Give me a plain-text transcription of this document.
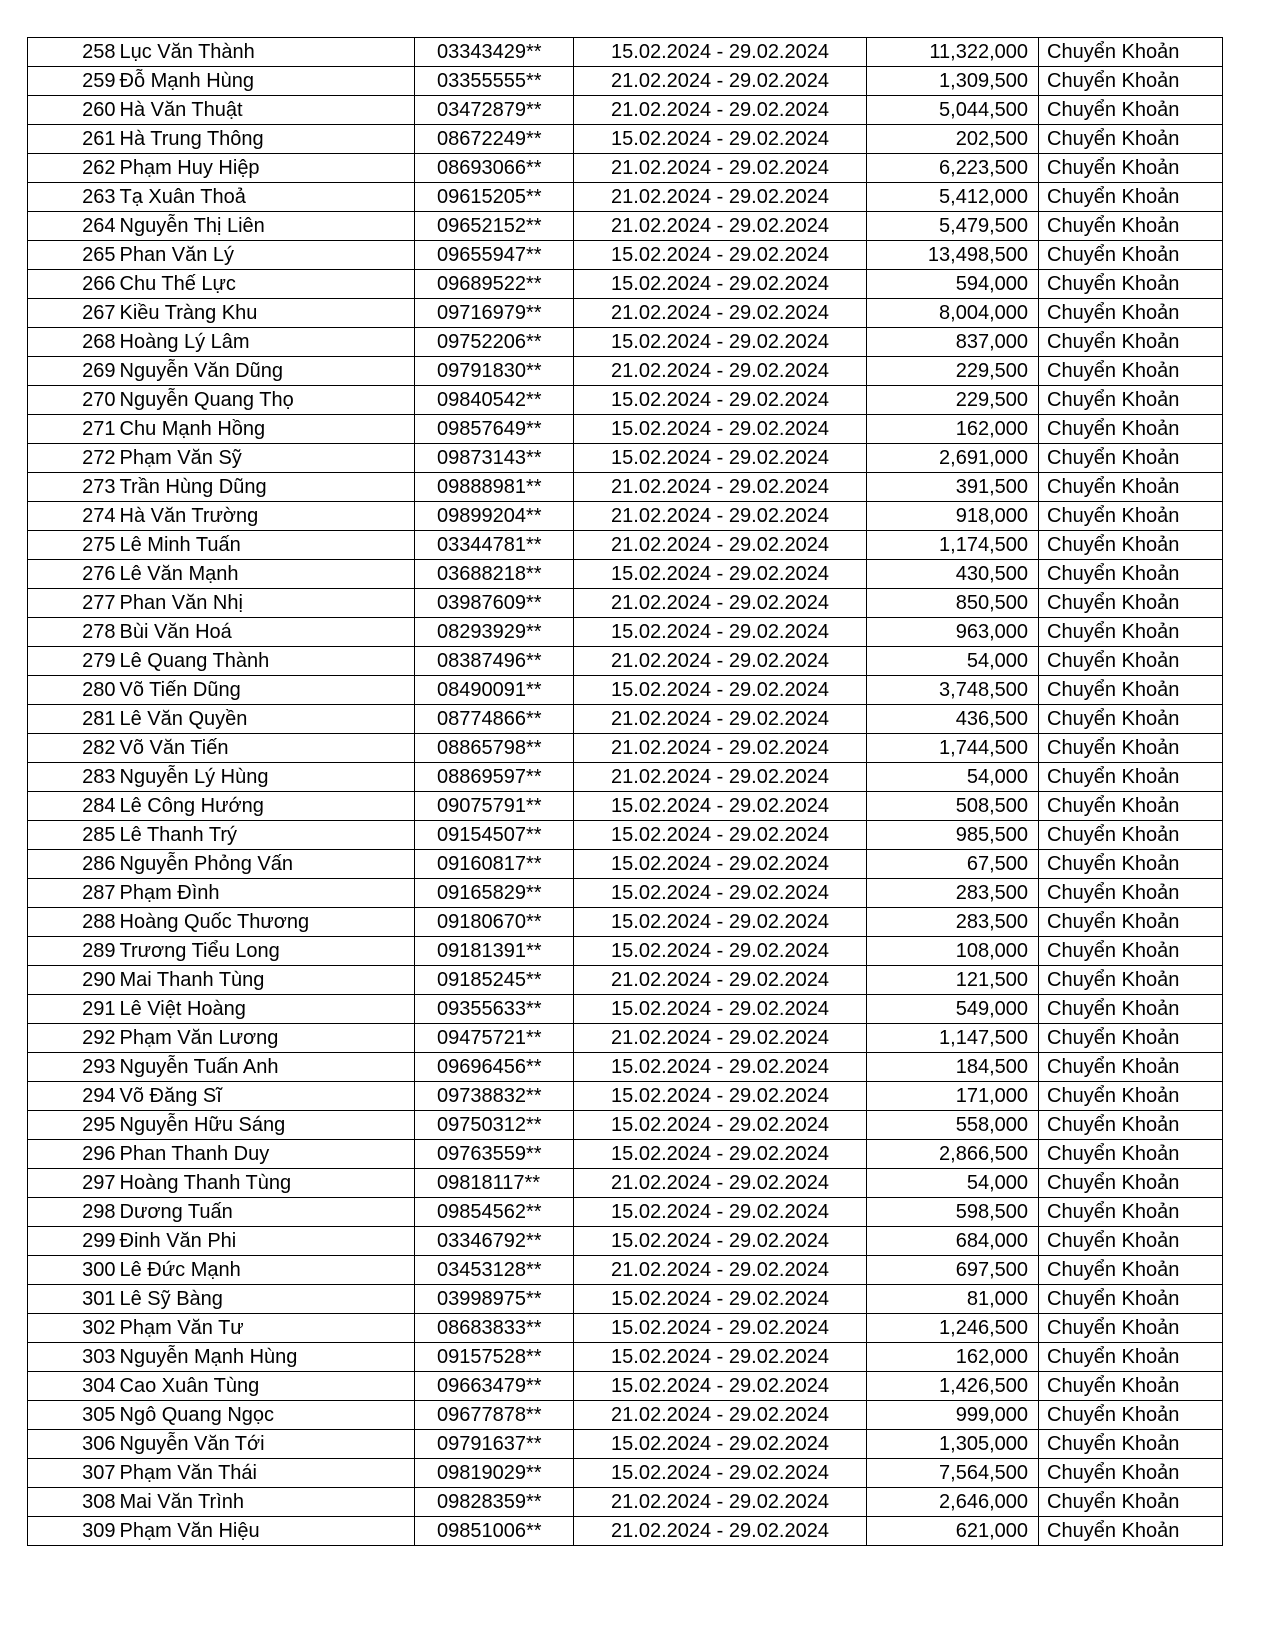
258	Lục Văn Thành	03343429**	15.02.2024 - 29.02.2024	11,322,000	Chuyển Khoản
259	Đỗ Mạnh Hùng	03355555**	21.02.2024 - 29.02.2024	1,309,500	Chuyển Khoản
260	Hà Văn Thuật	03472879**	21.02.2024 - 29.02.2024	5,044,500	Chuyển Khoản
261	Hà Trung Thông	08672249**	15.02.2024 - 29.02.2024	202,500	Chuyển Khoản
262	Phạm Huy Hiệp	08693066**	21.02.2024 - 29.02.2024	6,223,500	Chuyển Khoản
263	Tạ Xuân Thoả	09615205**	21.02.2024 - 29.02.2024	5,412,000	Chuyển Khoản
264	Nguyễn Thị Liên	09652152**	21.02.2024 - 29.02.2024	5,479,500	Chuyển Khoản
265	Phan Văn Lý	09655947**	15.02.2024 - 29.02.2024	13,498,500	Chuyển Khoản
266	Chu Thế Lực	09689522**	15.02.2024 - 29.02.2024	594,000	Chuyển Khoản
267	Kiều Tràng Khu	09716979**	21.02.2024 - 29.02.2024	8,004,000	Chuyển Khoản
268	Hoàng Lý Lâm	09752206**	15.02.2024 - 29.02.2024	837,000	Chuyển Khoản
269	Nguyễn Văn Dũng	09791830**	21.02.2024 - 29.02.2024	229,500	Chuyển Khoản
270	Nguyễn Quang Thọ	09840542**	15.02.2024 - 29.02.2024	229,500	Chuyển Khoản
271	Chu Mạnh Hồng	09857649**	15.02.2024 - 29.02.2024	162,000	Chuyển Khoản
272	Phạm Văn Sỹ	09873143**	15.02.2024 - 29.02.2024	2,691,000	Chuyển Khoản
273	Trần Hùng Dũng	09888981**	21.02.2024 - 29.02.2024	391,500	Chuyển Khoản
274	Hà Văn Trường	09899204**	21.02.2024 - 29.02.2024	918,000	Chuyển Khoản
275	Lê Minh Tuấn	03344781**	21.02.2024 - 29.02.2024	1,174,500	Chuyển Khoản
276	Lê Văn Mạnh	03688218**	15.02.2024 - 29.02.2024	430,500	Chuyển Khoản
277	Phan Văn Nhị	03987609**	21.02.2024 - 29.02.2024	850,500	Chuyển Khoản
278	Bùi Văn Hoá	08293929**	15.02.2024 - 29.02.2024	963,000	Chuyển Khoản
279	Lê Quang Thành	08387496**	21.02.2024 - 29.02.2024	54,000	Chuyển Khoản
280	Võ Tiến Dũng	08490091**	15.02.2024 - 29.02.2024	3,748,500	Chuyển Khoản
281	Lê Văn Quyền	08774866**	21.02.2024 - 29.02.2024	436,500	Chuyển Khoản
282	Võ Văn Tiến	08865798**	21.02.2024 - 29.02.2024	1,744,500	Chuyển Khoản
283	Nguyễn Lý Hùng	08869597**	21.02.2024 - 29.02.2024	54,000	Chuyển Khoản
284	Lê Công Hướng	09075791**	15.02.2024 - 29.02.2024	508,500	Chuyển Khoản
285	Lê Thanh Trý	09154507**	15.02.2024 - 29.02.2024	985,500	Chuyển Khoản
286	Nguyễn Phỏng Vấn	09160817**	15.02.2024 - 29.02.2024	67,500	Chuyển Khoản
287	Phạm Đình	09165829**	15.02.2024 - 29.02.2024	283,500	Chuyển Khoản
288	Hoàng Quốc Thương	09180670**	15.02.2024 - 29.02.2024	283,500	Chuyển Khoản
289	Trương Tiểu Long	09181391**	15.02.2024 - 29.02.2024	108,000	Chuyển Khoản
290	Mai Thanh Tùng	09185245**	21.02.2024 - 29.02.2024	121,500	Chuyển Khoản
291	Lê Việt Hoàng	09355633**	15.02.2024 - 29.02.2024	549,000	Chuyển Khoản
292	Phạm Văn Lương	09475721**	21.02.2024 - 29.02.2024	1,147,500	Chuyển Khoản
293	Nguyễn Tuấn Anh	09696456**	15.02.2024 - 29.02.2024	184,500	Chuyển Khoản
294	Võ Đăng Sĩ	09738832**	15.02.2024 - 29.02.2024	171,000	Chuyển Khoản
295	Nguyễn Hữu Sáng	09750312**	15.02.2024 - 29.02.2024	558,000	Chuyển Khoản
296	Phan Thanh Duy	09763559**	15.02.2024 - 29.02.2024	2,866,500	Chuyển Khoản
297	Hoàng Thanh Tùng	09818117**	21.02.2024 - 29.02.2024	54,000	Chuyển Khoản
298	Dương Tuấn	09854562**	15.02.2024 - 29.02.2024	598,500	Chuyển Khoản
299	Đinh Văn Phi	03346792**	15.02.2024 - 29.02.2024	684,000	Chuyển Khoản
300	Lê Đức Mạnh	03453128**	21.02.2024 - 29.02.2024	697,500	Chuyển Khoản
301	Lê Sỹ Bàng	03998975**	15.02.2024 - 29.02.2024	81,000	Chuyển Khoản
302	Phạm Văn Tư	08683833**	15.02.2024 - 29.02.2024	1,246,500	Chuyển Khoản
303	Nguyễn Mạnh Hùng	09157528**	15.02.2024 - 29.02.2024	162,000	Chuyển Khoản
304	Cao Xuân Tùng	09663479**	15.02.2024 - 29.02.2024	1,426,500	Chuyển Khoản
305	Ngô Quang Ngọc	09677878**	21.02.2024 - 29.02.2024	999,000	Chuyển Khoản
306	Nguyễn Văn Tới	09791637**	15.02.2024 - 29.02.2024	1,305,000	Chuyển Khoản
307	Phạm Văn Thái	09819029**	15.02.2024 - 29.02.2024	7,564,500	Chuyển Khoản
308	Mai Văn Trình	09828359**	21.02.2024 - 29.02.2024	2,646,000	Chuyển Khoản
309	Phạm Văn Hiệu	09851006**	21.02.2024 - 29.02.2024	621,000	Chuyển Khoản
